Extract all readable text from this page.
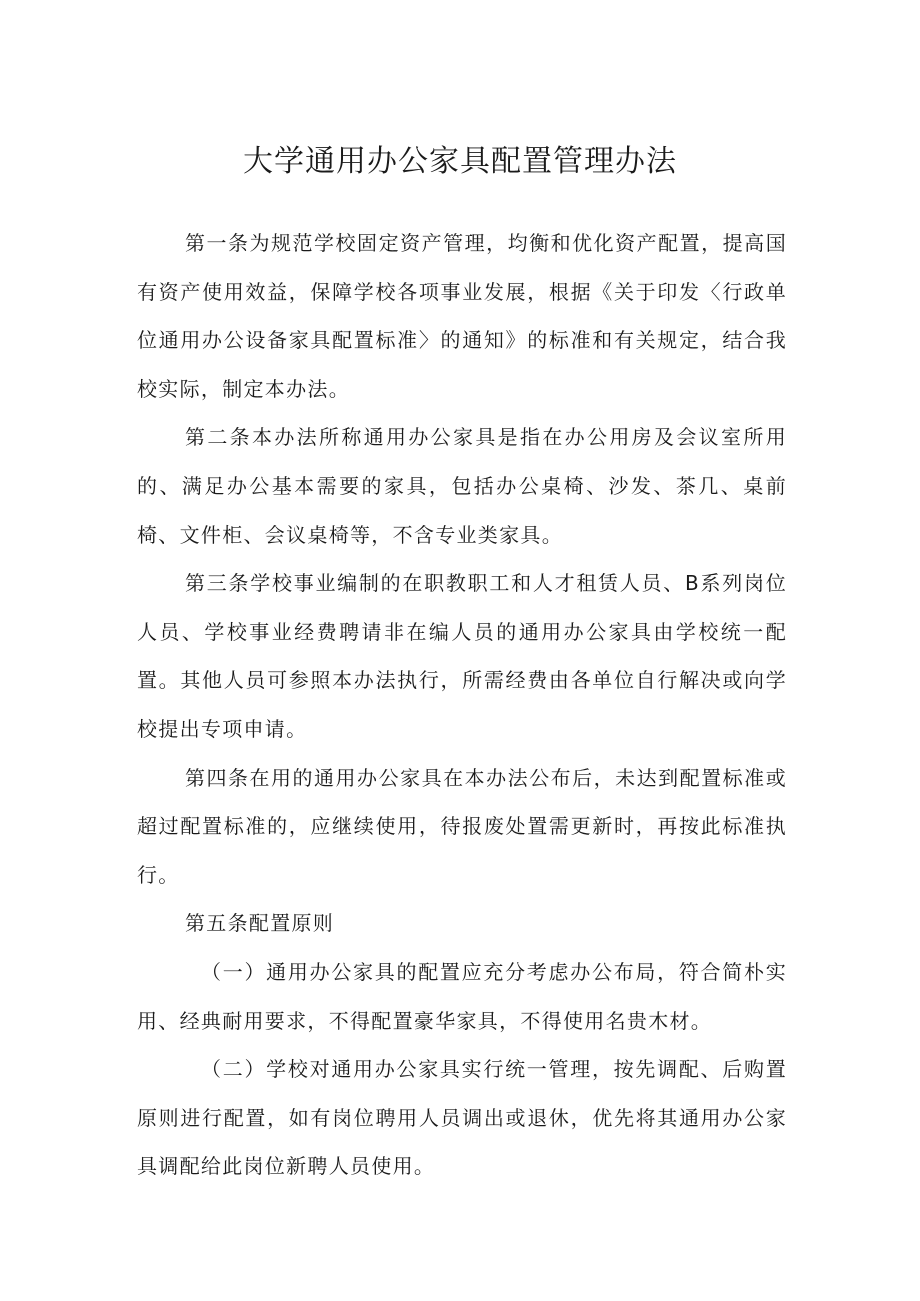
大学通用办公家具配置管理办法

第一条为规范学校固定资产管理，均衡和优化资产配置，提高国有资产使用效益，保障学校各项事业发展，根据《关于印发〈行政单位通用办公设备家具配置标准〉的通知》的标准和有关规定，结合我校实际，制定本办法。

第二条本办法所称通用办公家具是指在办公用房及会议室所用的、满足办公基本需要的家具，包括办公桌椅、沙发、茶几、桌前椅、文件柜、会议桌椅等，不含专业类家具。

第三条学校事业编制的在职教职工和人才租赁人员、B系列岗位人员、学校事业经费聘请非在编人员的通用办公家具由学校统一配置。其他人员可参照本办法执行，所需经费由各单位自行解决或向学校提出专项申请。

第四条在用的通用办公家具在本办法公布后，未达到配置标准或超过配置标准的，应继续使用，待报废处置需更新时，再按此标准执行。

第五条配置原则

（一）通用办公家具的配置应充分考虑办公布局，符合简朴实用、经典耐用要求，不得配置豪华家具，不得使用名贵木材。

（二）学校对通用办公家具实行统一管理，按先调配、后购置原则进行配置，如有岗位聘用人员调出或退休，优先将其通用办公家具调配给此岗位新聘人员使用。
